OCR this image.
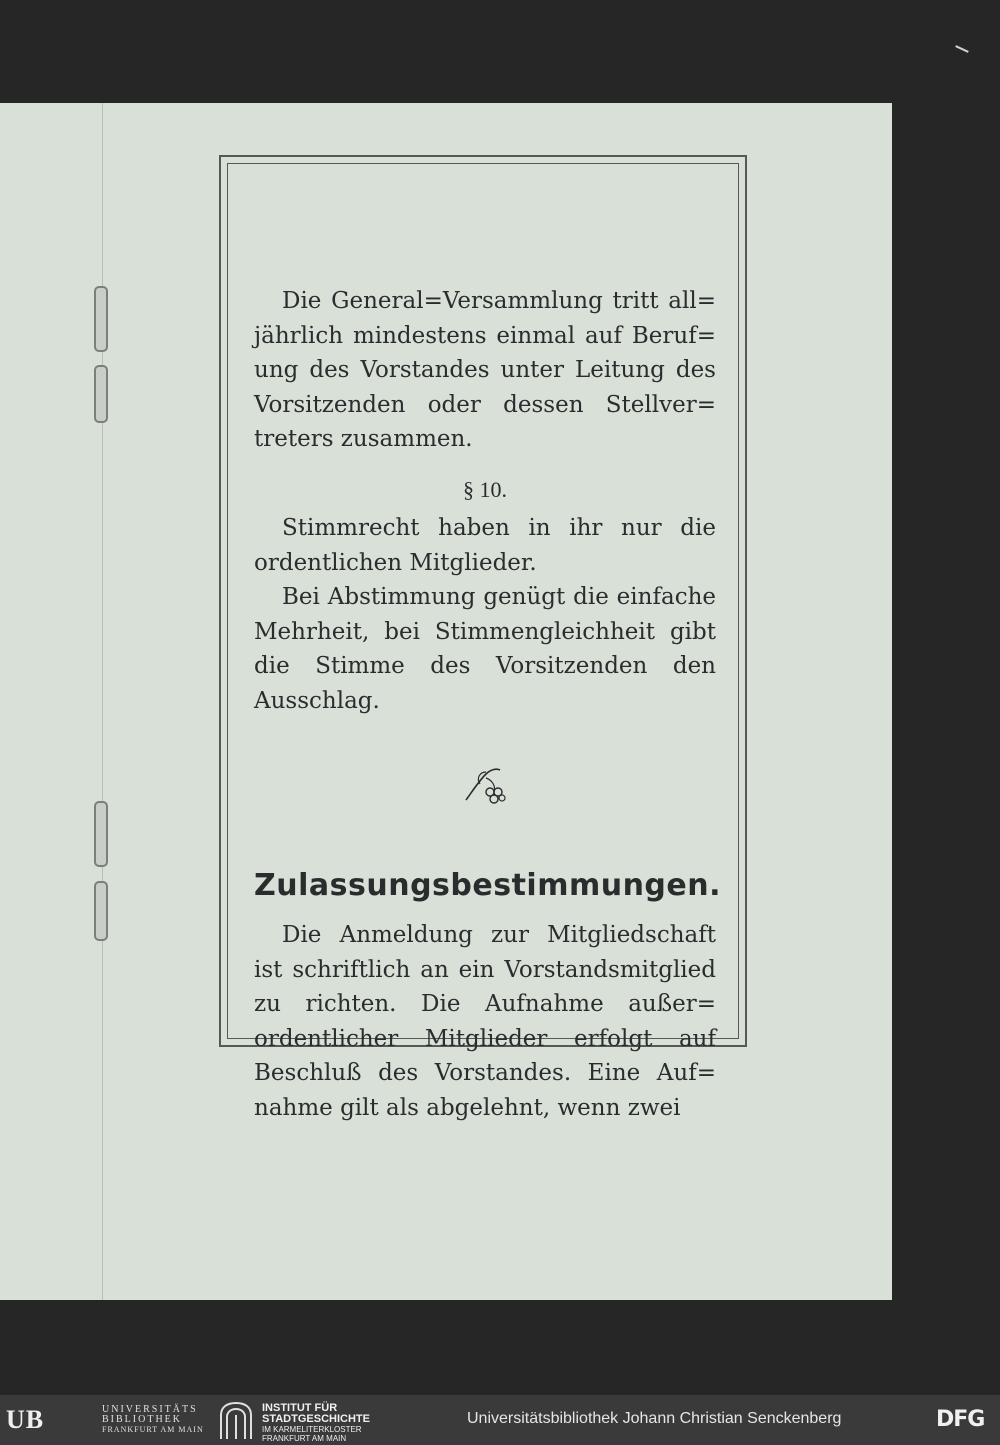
Die General=Versammlung tritt all= jährlich mindestens einmal auf Beruf= ung des Vorstandes unter Leitung des Vorsitzenden oder dessen Stellver= treters zusammen.

§ 10.

Stimmrecht haben in ihr nur die ordentlichen Mitglieder.

Bei Abstimmung genügt die einfache Mehrheit, bei Stimmengleichheit gibt die Stimme des Vorsitzenden den Ausschlag.

Zulassungsbestimmungen.

Die Anmeldung zur Mitgliedschaft ist schriftlich an ein Vorstandsmitglied zu richten. Die Aufnahme außer= ordentlicher Mitglieder erfolgt auf Beschluß des Vorstandes. Eine Auf= nahme gilt als abgelehnt, wenn zwei

UB	UNIVERSITÄTS
BIBLIOTHEK
FRANKFURT AM MAIN
INSTITUT FÜR
STADTGESCHICHTE
IM KARMELITERKLOSTER
FRANKFURT AM MAIN
Universitätsbibliothek Johann Christian Senckenberg	DFG
